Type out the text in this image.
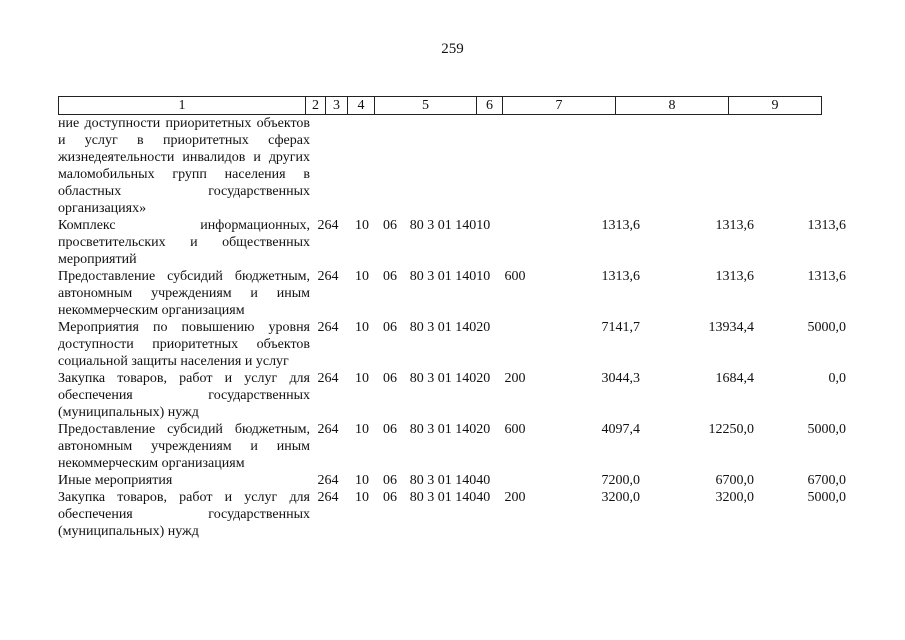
259
1	2	3	4	5	6	7	8	9
ние доступности приоритетных объектов и услуг в приоритетных сферах жизнедеятельности инвалидов и других маломобильных групп населения в областных государственных организациях»								
Комплекс информационных, просветительских и общественных мероприятий	264	10	06	80 3 01 14010		1313,6	1313,6	1313,6
Предоставление субсидий бюджетным, автономным учреждениям и иным некоммерческим организациям	264	10	06	80 3 01 14010	600	1313,6	1313,6	1313,6
Мероприятия по повышению уровня доступности приоритетных объектов социальной защиты населения и услуг	264	10	06	80 3 01 14020		7141,7	13934,4	5000,0
Закупка товаров, работ и услуг для обеспечения государственных (муниципальных) нужд	264	10	06	80 3 01 14020	200	3044,3	1684,4	0,0
Предоставление субсидий бюджетным, автономным учреждениям и иным некоммерческим организациям	264	10	06	80 3 01 14020	600	4097,4	12250,0	5000,0
Иные мероприятия	264	10	06	80 3 01 14040		7200,0	6700,0	6700,0
Закупка товаров, работ и услуг для обеспечения государственных (муниципальных) нужд	264	10	06	80 3 01 14040	200	3200,0	3200,0	5000,0
